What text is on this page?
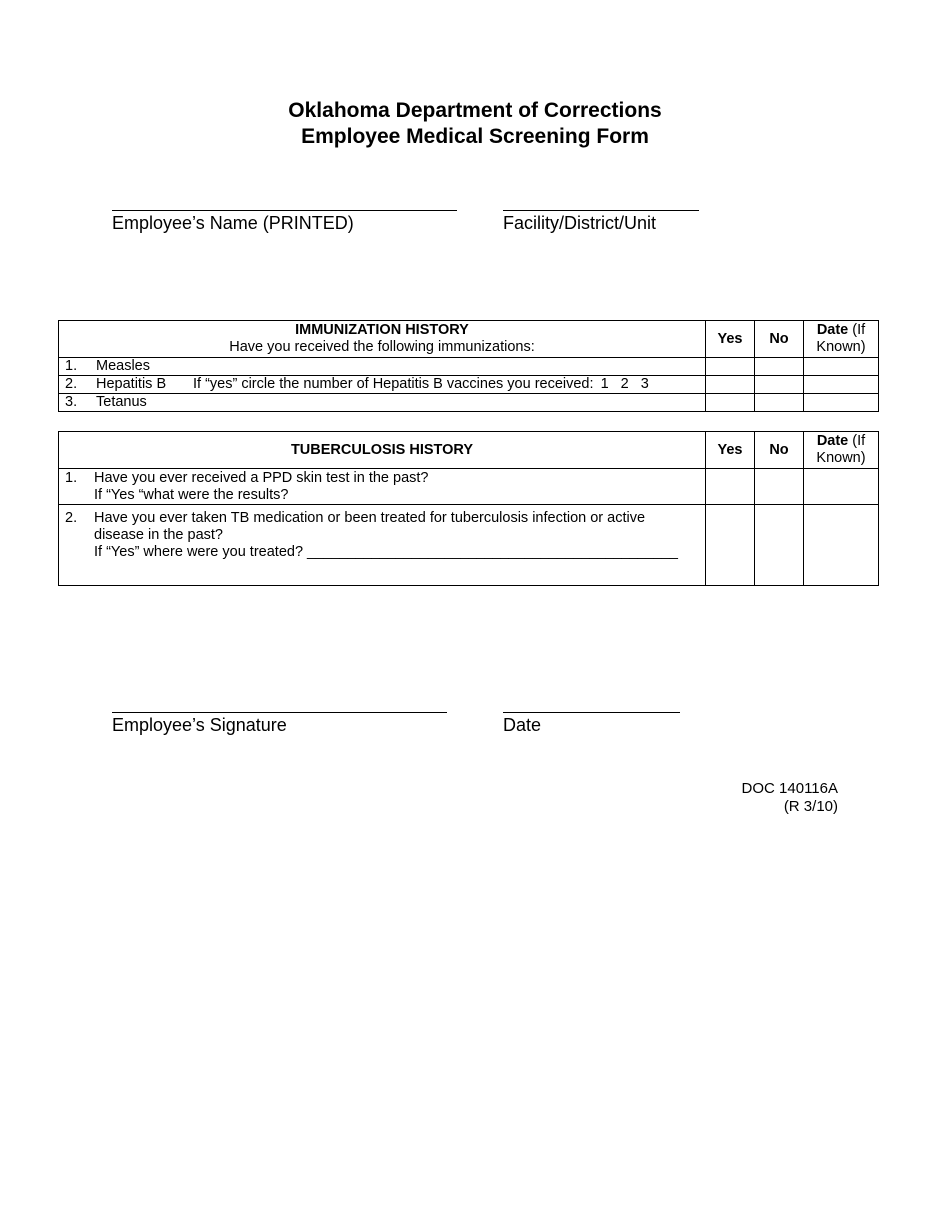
Oklahoma Department of Corrections
Employee Medical Screening Form
Employee’s Name (PRINTED)	Facility/District/Unit
IMMUNIZATION HISTORY
Have you received the following immunizations:	Yes	No	Date (If Known)
1. Measles			
2. Hepatitis B If “yes” circle the number of Hepatitis B vaccines you received: 1 2 3			
3. Tetanus			
TUBERCULOSIS HISTORY	Yes	No	Date (If Known)

1. Have you ever received a PPD skin test in the past?
If “Yes “what were the results?			

2. Have you ever taken TB medication or been treated for tuberculosis infection or active disease in the past?
If “Yes” where were you treated? ______________________________________________			

Employee’s Signature	Date
DOC 140116A
(R 3/10)
